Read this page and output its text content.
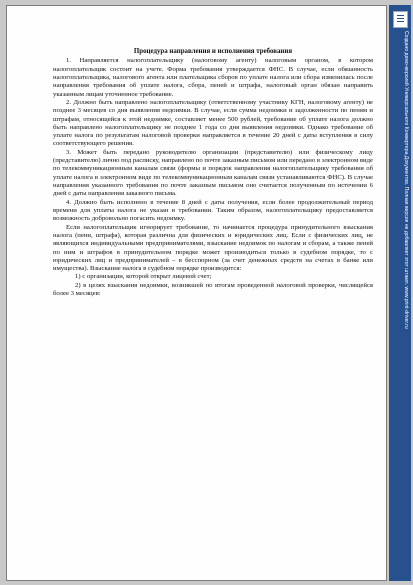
Процедура направления и исполнения требования

1. Направляется налогоплательщику (налоговому агенту) налоговым органом, в котором налогоплательщик состоит на учете. Форма требования утверждается ФНС. В случае, если обязанность налогоплательщика, налогового агента или плательщика сборов по уплате налога или сбора изменилась после направления требования об уплате налога, сбора, пеней и штрафа, налоговый орган обязан направить указанным лицам уточненное требование.

2. Должно быть направлено налогоплательщику (ответственному участнику КГН, налоговому агенту) не позднее 3 месяцев со дня выявления недоимки. В случае, если сумма недоимки и задолженности по пеням и штрафам, относящейся к этой недоимке, составляет менее 500 рублей, требование об уплате налога должно быть направлено налогоплательщику не позднее 1 года со дня выявления недоимки. Однако требование об уплате налога по результатам налоговой проверки направляется в течение 20 дней с даты вступления в силу соответствующего решения.

3. Может быть передано руководителю организации (представителю) или физическому лицу (представителю) лично под расписку, направлено по почте заказным письмом или передано в электронном виде по телекоммуникационным каналам связи (формы и порядок направления налогоплательщику требования об уплате налога в электронном виде по телекоммуникационным каналам связи устанавливаются ФНС). В случае направления указанного требования по почте заказным письмом оно считается полученным по истечении 6 дней с даты направления заказного письма.

4. Должно быть исполнено в течение 8 дней с даты получения, если более продолжительный период времени для уплаты налога не указан в требовании. Таким образом, налогоплательщику предоставляется возможность добровольно погасить недоимку.

Если налогоплательщик игнорирует требование, то начинается процедура принудительного взыскания налога (пени, штрафа), которая различна для физических и юридических лиц. Если с физических лиц, не являющихся индивидуальными предпринимателями, взыскание недоимок по налогам и сборам, а также пеней по ним и штрафов в принудительном порядке может производиться только в судебном порядке, то с юридических лиц и предпринимателей – в бесспорном (за счет денежных средств на счетах в банке или имущества). Взыскание налога в судебном порядке производится:

1) с организации, которой открыт лицевой счет;

2) в целях взыскания недоимки, возникшей по итогам проведенной налоговой проверки, числящейся более 3 месяцев:	Создано демо-версией Универсального Конвертера Документов. Полная версия не добавляет этот штамп. www.print-driver.ru
